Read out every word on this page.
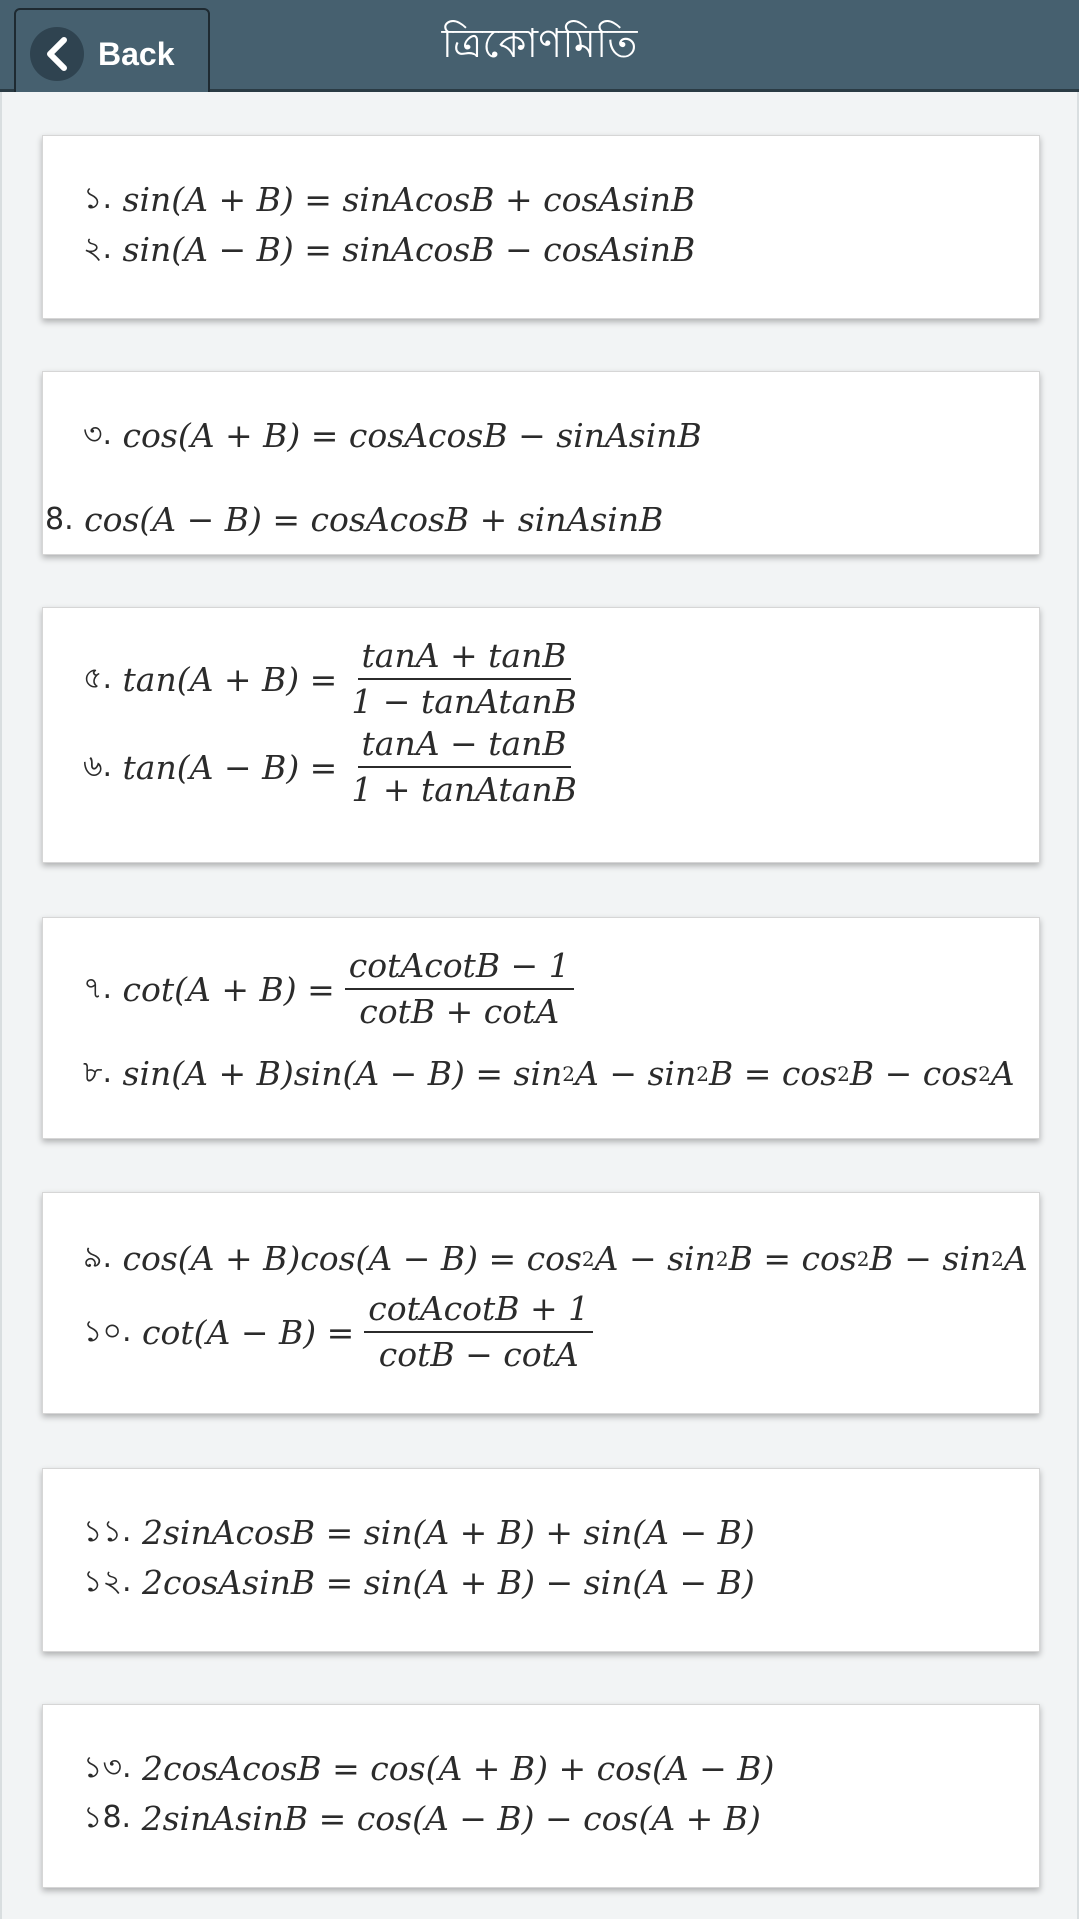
Back	ত্রিকোণমিতি
১.
sin(A + B) = sinAcosB + cosAsinB
২.
sin(A − B) = sinAcosB − cosAsinB
৩.
cos(A + B) = cosAcosB − sinAsinB
8.
cos(A − B) = cosAcosB + sinAsinB
৫.
$\tan(A + B) = \frac{\tan A + \tan B}{\text{1 − tanAtanB}}$
৬.
$\tan(A - B) = \frac{\tan A - \tan B}{\text{1 + tanAtanB}}$
৭.
$\cot(A + B) = \frac{\text{cotAcotB − 1}}{\cot B + \cot A}$
৮.
sin(A + B)sin(A − B) = sin 2 A − sin 2 B = cos 2 B − cos 2 A
৯.
cos(A + B)cos(A − B) = cos 2 A − sin 2 B = cos 2 B − sin 2 A
১০.
$\cot(A - B) = \frac{\text{cotAcotB + 1}}{\cot B - \cot A}$
১১.
2sinAcosB = sin(A + B) + sin(A − B)
১২.
2cosAsinB = sin(A + B) − sin(A − B)
১৩.
2cosAcosB = cos(A + B) + cos(A − B)
১8.
2sinAsinB = cos(A − B) − cos(A + B)
